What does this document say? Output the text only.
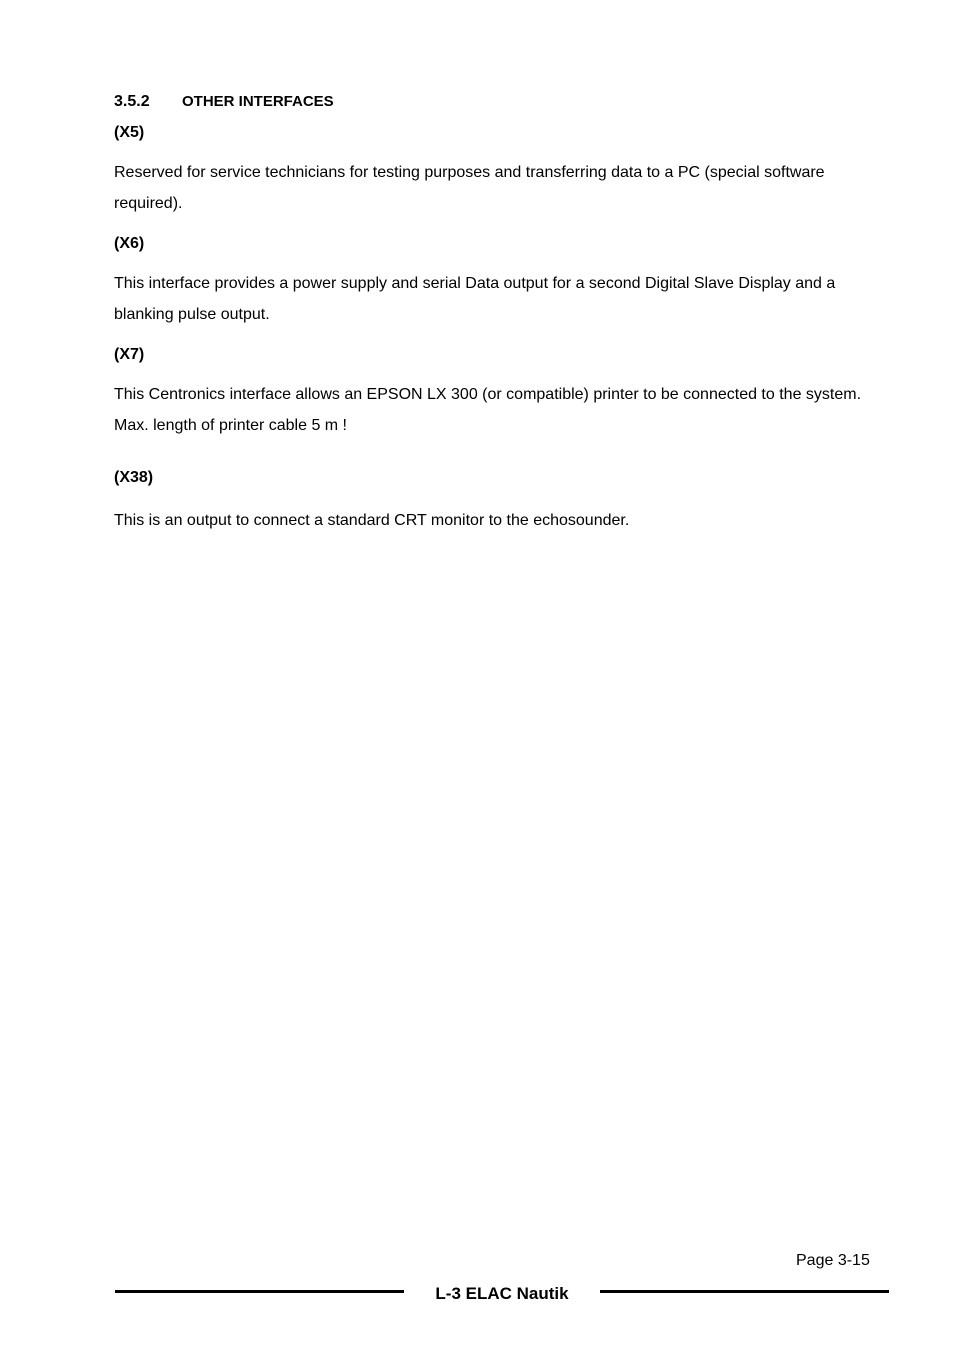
3.5.2 OTHER INTERFACES
(X5)

Reserved for service technicians for testing purposes and transferring data to a PC (special software required).

(X6)

This interface provides a power supply and serial Data output for a second Digital Slave Display and a blanking pulse output.

(X7)

This Centronics interface allows an EPSON LX 300 (or compatible) printer to be connected to the system. Max. length of printer cable 5 m !

(X38)

This is an output to connect a standard CRT monitor to the echosounder.

Page 3-15
L-3 ELAC Nautik
